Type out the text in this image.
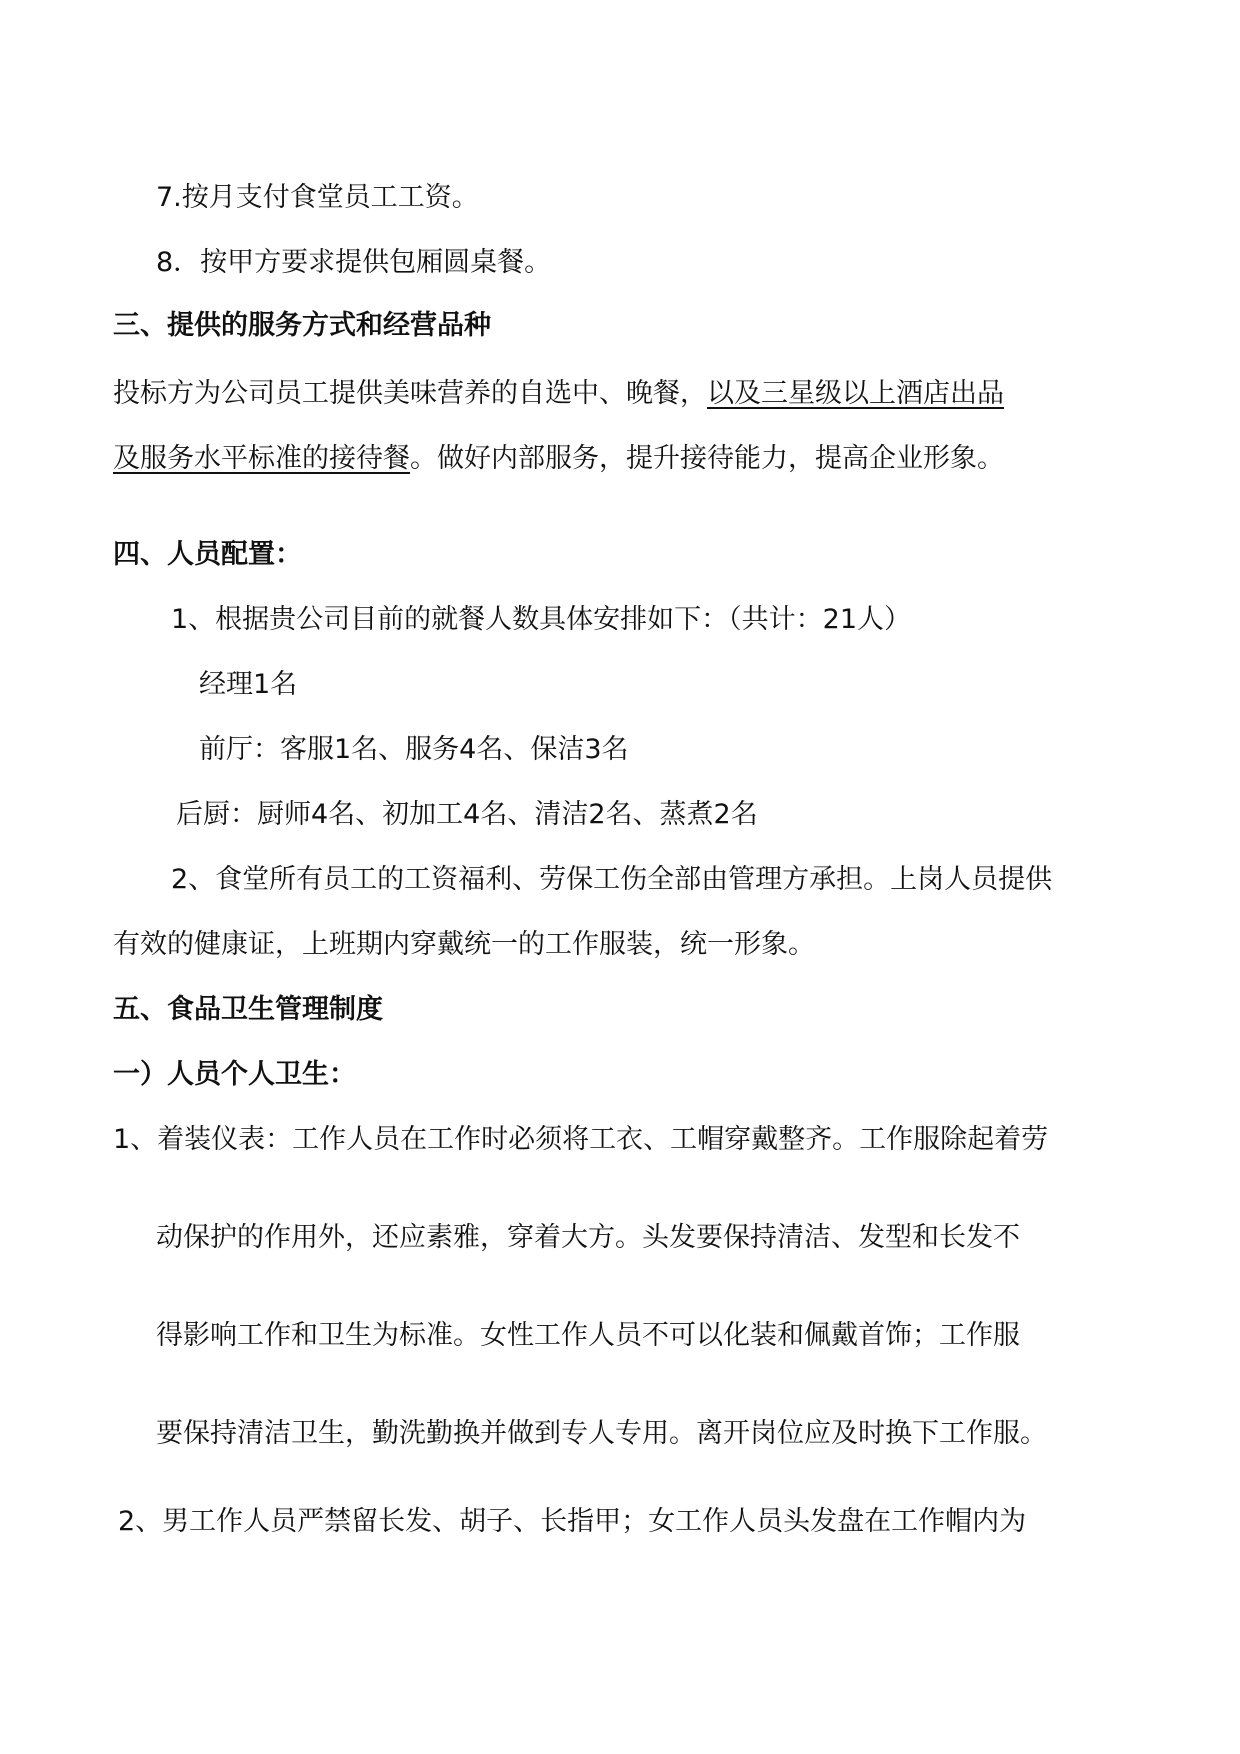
7.按月支付食堂员工工资。
8．按甲方要求提供包厢圆桌餐。
三、提供的服务方式和经营品种
投标方为公司员工提供美味营养的自选中、晚餐，以及三星级以上酒店出品
及服务水平标准的接待餐。做好内部服务，提升接待能力，提高企业形象。
四、人员配置：
1、根据贵公司目前的就餐人数具体安排如下：（共计：21人）
经理1名
前厅：客服1名、服务4名、保洁3名
后厨：厨师4名、初加工4名、清洁2名、蒸煮2名
2、食堂所有员工的工资福利、劳保工伤全部由管理方承担。上岗人员提供
有效的健康证，上班期内穿戴统一的工作服装，统一形象。
五、食品卫生管理制度
一）人员个人卫生：
1、着装仪表：工作人员在工作时必须将工衣、工帽穿戴整齐。工作服除起着劳
动保护的作用外，还应素雅，穿着大方。头发要保持清洁、发型和长发不
得影响工作和卫生为标准。女性工作人员不可以化装和佩戴首饰；工作服
要保持清洁卫生，勤洗勤换并做到专人专用。离开岗位应及时换下工作服。
2、男工作人员严禁留长发、胡子、长指甲；女工作人员头发盘在工作帽内为
